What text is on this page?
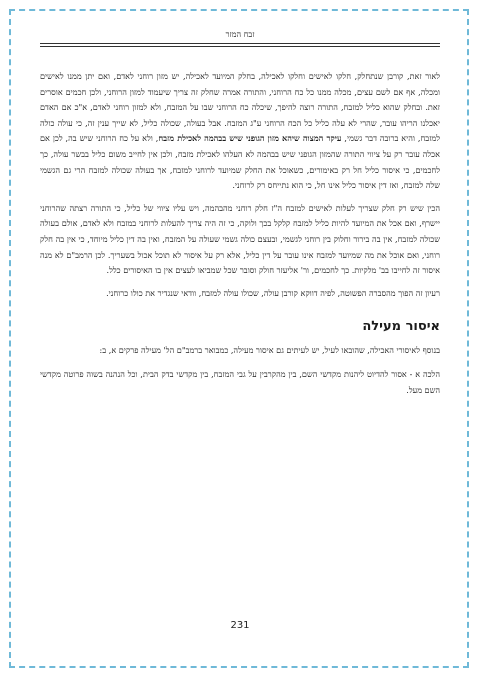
זבח המזר

לאור זאת, קורבן שנתחלק, חלקו לאישים וחלקו לאכילה, בחלק המיועד לאכילה, יש מזון רוחני לאדם, ואם יתן ממנו לאישים ומכלה, אף אם לשם עצים, מכלה ממנו כל כח הרוחני, והתורה אמרה שחלק זה צריך שיעמוד למזון הרוחני, ולכן חכמים אוסרים זאת. ובחלק שהוא כליל למזבח, התורה רוצה להיפך, שיכלה כח הרוחני שבו על המזבח, ולא למזון רוחני לאדם, א"כ אם האדם יאכלנו הריהו עובר, שהרי לא עלה כליל כל הכח הרוחני ע"ג המזבח. אבל בעולה, שכולה כליל, לא שייך ענין זה, כי עולה כולה למזבח, והיא ברובה דבר גשמי, עיקר המצוה שיהא מזון הגופני שיש בבהמה לאכילת מזבח, ולא על כח הרוחני שיש בה, לכן אם אכלה עובר רק על ציווי התורה שהמזון הגופני שיש בבהמה לא העלהו לאכילת מזבח, ולכן אין לחייב משום כליל בבשר עולה, כך לחכמים, כי איסור כליל חל רק באימורים, כשאוכל את החלק שמיועד לרוחני למזבח, אך בעולה שכולה למזבח הרי גם הגשמי שלה למזבח, ואז דין איסור כליל אינו חל, כי הוא נתייחס רק לרוחני.

הכין שיש רק חלק שצריך לעלות לאישים למזבח ה"ז חלק רוחני מהבהמה, ויש עליו ציווי של כליל, כי התורה רצתה שהרוחני יישרף, ואם אכל את המיועד להיות כליל למזבח קלקל בכך ולוקה, כי זה היה צריך להעלות לרוחני במזבח ולא לאדם, אולם בעולה שכולה למזבח, אין בה בירור וחלוק בין רוחני לגשמי, ובעצם כולה גשמי שעולה על המזבח, ואין בה דין כליל מיוחד, כי אין בה חלק רוחני, ואם אוכל את מה שמיועד למזבח אינו עובר על דין כליל, אלא רק על איסור לא תוכל אכול בשעריך. לכן הרמב"ם לא מנה איסור זה לחייבו בב' מלקיות. כך לחכמים, ור' אליעזר חולק וסובר שכל שמביאו לעצים אין בו האיסורים כלל.

רעיון זה הפוך מהסברה הפשוטה, לפיה דווקא קורבן עולה, שכולו עולה למזבח, וודאי שנגדיר את כולו כרוחני.

איסור מעילה

בנוסף לאיסורי האכילה, שהובאו לעיל, יש לעיתים גם איסור מעילה, כמבואר ברמב"ם הל' מעילה פרקים א, ב:

הלכה א - אסור להדיוט ליהנות מקדשי השם, בין מהקרבין על גבי המזבח, בין מקדשי בדק הבית, וכל הנהנה בשוה פרוטה מקדשי השם מעל.

231
